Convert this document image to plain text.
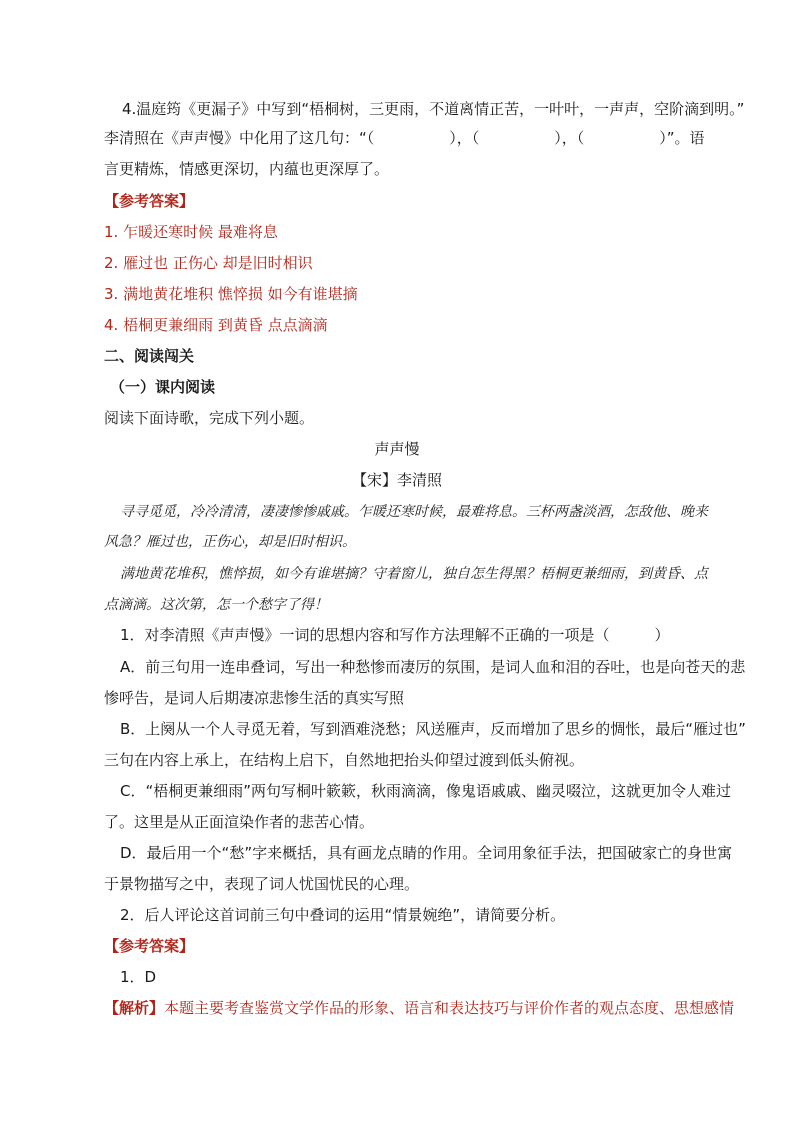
4.温庭筠《更漏子》中写到“梧桐树，三更雨，不道离情正苦，一叶叶，一声声，空阶滴到明。”
李清照在《声声慢》中化用了这几句：“（　　　　　），（　　　　　），（　　　　　）”。语
言更精炼，情感更深切，内蕴也更深厚了。
【参考答案】
1. 乍暖还寒时候 最难将息
2. 雁过也 正伤心 却是旧时相识
3. 满地黄花堆积 憔悴损 如今有谁堪摘
4. 梧桐更兼细雨 到黄昏 点点滴滴
二、阅读闯关
（一）课内阅读
阅读下面诗歌，完成下列小题。
声声慢
【宋】李清照
寻寻觅觅，冷冷清清，凄凄惨惨戚戚。乍暖还寒时候，最难将息。三杯两盏淡酒，怎敌他、晚来
风急？雁过也，正伤心，却是旧时相识。
满地黄花堆积，憔悴损，如今有谁堪摘？守着窗儿，独自怎生得黑？梧桐更兼细雨，到黄昏、点
点滴滴。这次第，怎一个愁字了得！
1．对李清照《声声慢》一词的思想内容和写作方法理解不正确的一项是（　　　）
A．前三句用一连串叠词，写出一种愁惨而凄厉的氛围，是词人血和泪的吞吐，也是向苍天的悲
惨呼告，是词人后期凄凉悲惨生活的真实写照
B．上阕从一个人寻觅无着，写到酒难浇愁；风送雁声，反而增加了思乡的惆怅，最后“雁过也”
三句在内容上承上，在结构上启下，自然地把抬头仰望过渡到低头俯视。
C．“梧桐更兼细雨”两句写桐叶簌簌，秋雨滴滴，像鬼语戚戚、幽灵啜泣，这就更加令人难过
了。这里是从正面渲染作者的悲苦心情。
D．最后用一个“愁”字来概括，具有画龙点睛的作用。全词用象征手法，把国破家亡的身世寓
于景物描写之中，表现了词人忧国忧民的心理。
2．后人评论这首词前三句中叠词的运用“情景婉绝”，请简要分析。
【参考答案】
1．D
【解析】本题主要考查鉴赏文学作品的形象、语言和表达技巧与评价作者的观点态度、思想感情
